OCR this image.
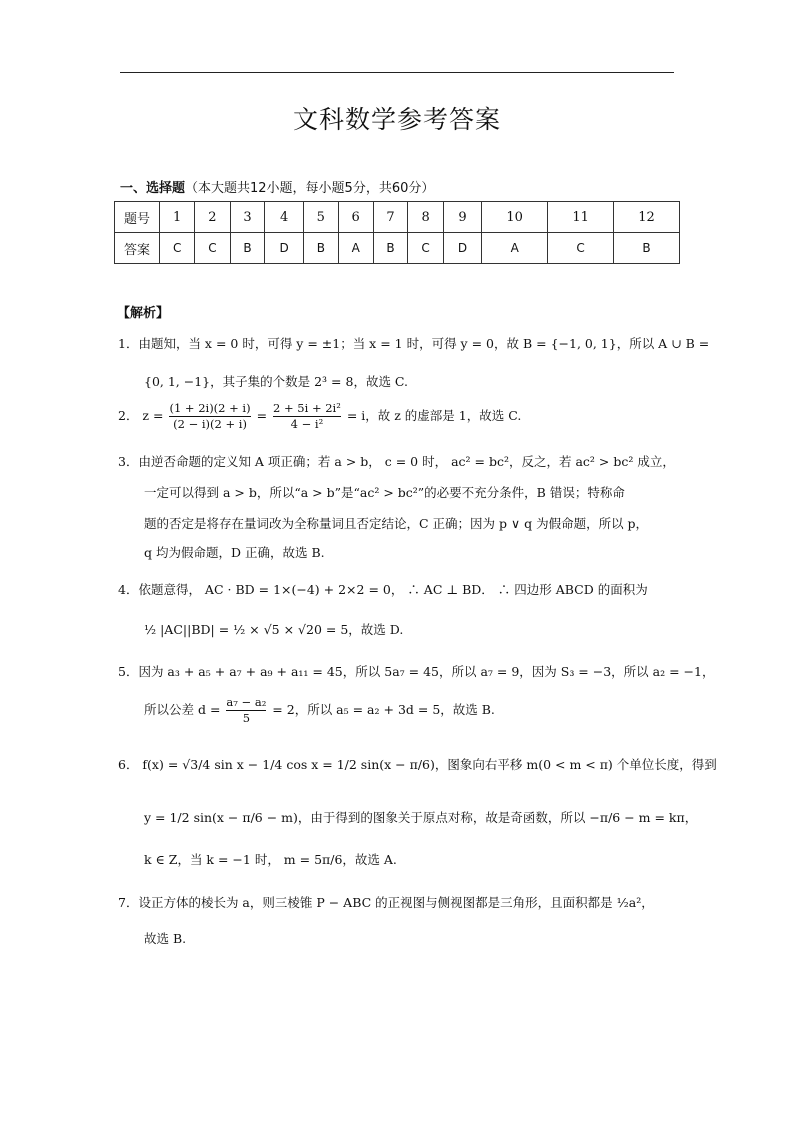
文科数学参考答案
一、选择题（本大题共12小题，每小题5分，共60分）
题号	1	2	3	4	5	6	7	8	9	10	11	12
答案	C	C	B	D	B	A	B	C	D	A	C	B
【解析】
1．由题知，当 x = 0 时，可得 y = ±1；当 x = 1 时，可得 y = 0，故 B = {−1, 0, 1}，所以 A ∪ B =
{0, 1, −1}，其子集的个数是 2³ = 8，故选 C.
2． $z = \frac{(1 + 2i)(2 + i)}{(2 - i)(2 + i)} = \frac{\text{2 + 5i + 2i²}}{\text{4 − i²}} = i$，故 z 的虚部是 1，故选 C.
3．由逆否命题的定义知 A 项正确；若 a > b， c = 0 时， ac² = bc²，反之，若 ac² > bc² 成立，
一定可以得到 a > b，所以“a > b”是“ac² > bc²”的必要不充分条件，B 错误；特称命
题的否定是将存在量词改为全称量词且否定结论，C 正确；因为 p ∨ q 为假命题，所以 p，
q 均为假命题，D 正确，故选 B.
4．依题意得， AC · BD = 1×(−4) + 2×2 = 0， ∴ AC ⊥ BD． ∴ 四边形 ABCD 的面积为
½ |AC||BD| = ½ × √5 × √20 = 5，故选 D.
5．因为 a₃ + a₅ + a₇ + a₉ + a₁₁ = 45，所以 5a₇ = 45，所以 a₇ = 9，因为 S₃ = −3，所以 a₂ = −1，
所以公差 $d = \frac{\text{a₇ − a₂}}{5} = 2$，所以 a₅ = a₂ + 3d = 5，故选 B.
6． f(x) = √3/4 sin x − 1/4 cos x = 1/2 sin(x − π/6)，图象向右平移 m(0 < m < π) 个单位长度，得到
y = 1/2 sin(x − π/6 − m)，由于得到的图象关于原点对称，故是奇函数，所以 −π/6 − m = kπ，
k ∈ Z，当 k = −1 时， m = 5π/6，故选 A.
7．设正方体的棱长为 a，则三棱锥 P − ABC 的正视图与侧视图都是三角形，且面积都是 ½a²，
故选 B.
